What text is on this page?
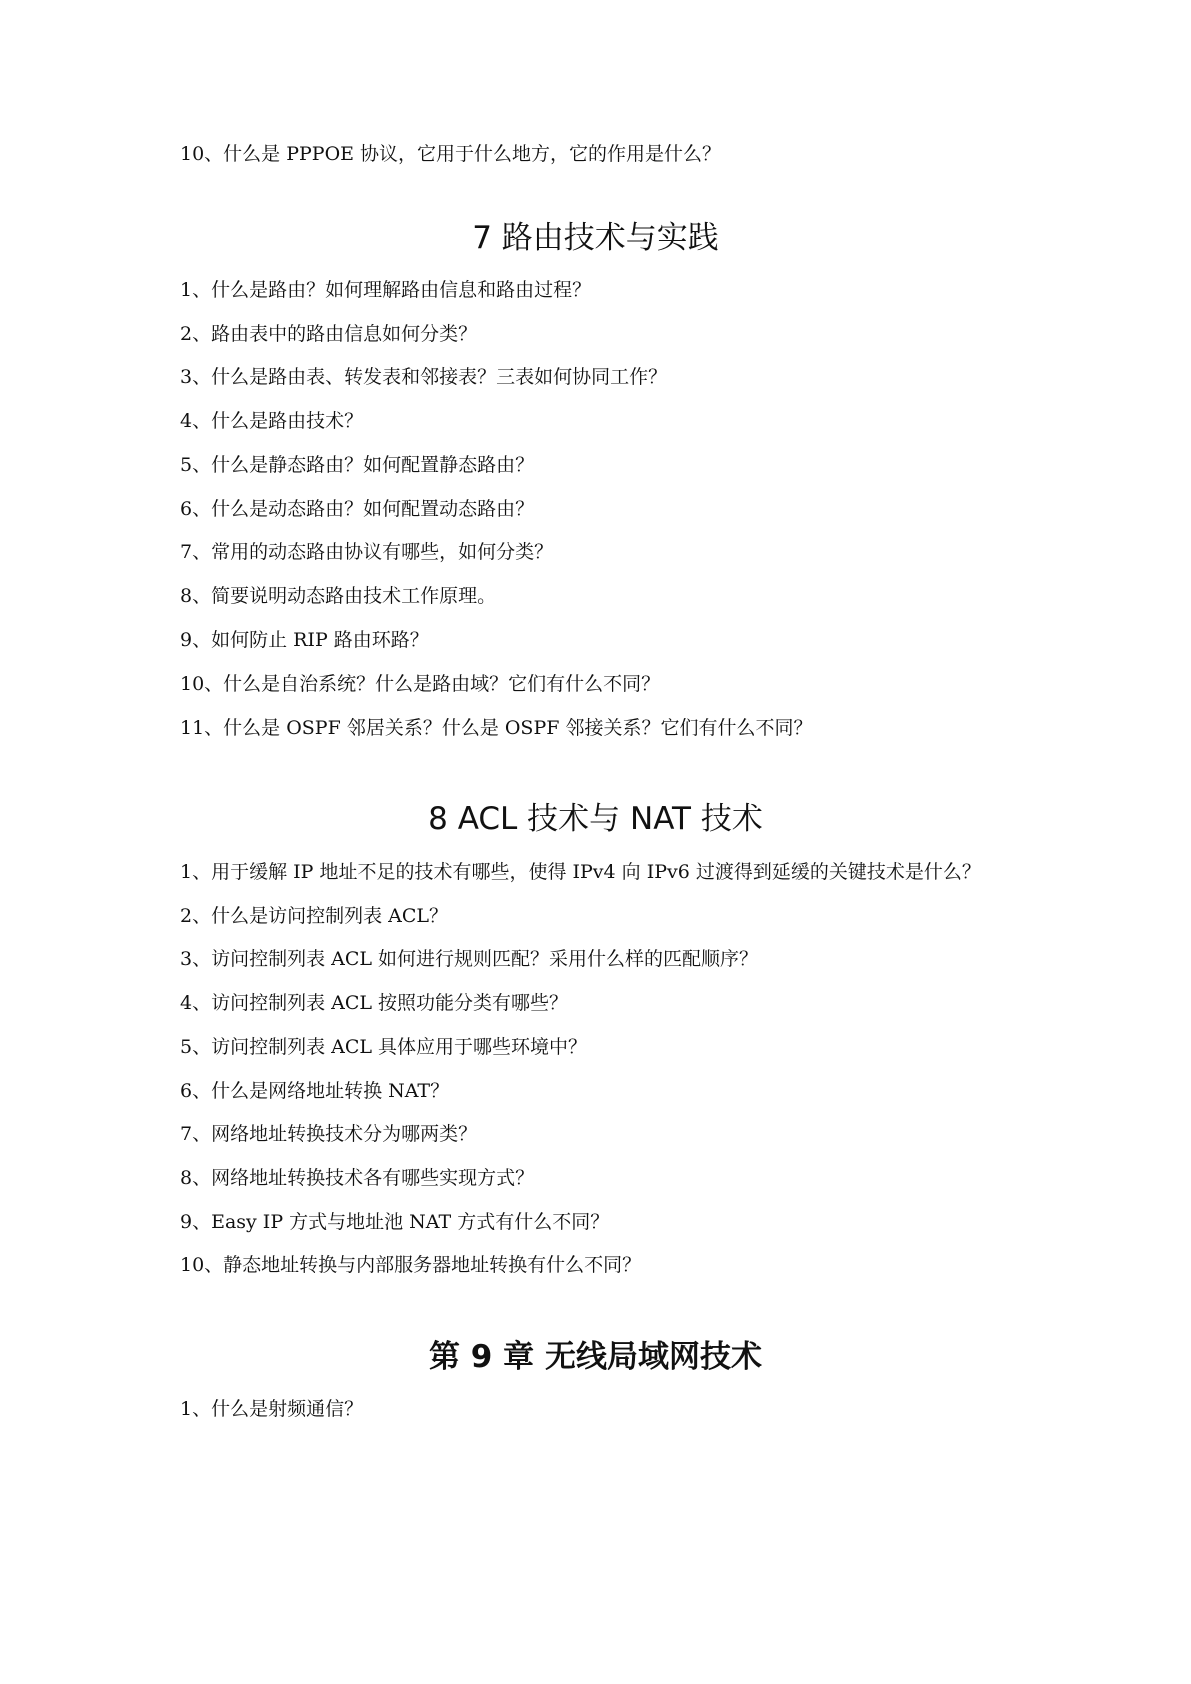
10、什么是 PPPOE 协议，它用于什么地方，它的作用是什么？
7 路由技术与实践
1、什么是路由？如何理解路由信息和路由过程？
2、路由表中的路由信息如何分类？
3、什么是路由表、转发表和邻接表？三表如何协同工作？
4、什么是路由技术？
5、什么是静态路由？如何配置静态路由？
6、什么是动态路由？如何配置动态路由？
7、常用的动态路由协议有哪些，如何分类？
8、简要说明动态路由技术工作原理。
9、如何防止 RIP 路由环路？
10、什么是自治系统？什么是路由域？它们有什么不同？
11、什么是 OSPF 邻居关系？什么是 OSPF 邻接关系？它们有什么不同？
8 ACL 技术与 NAT 技术
1、用于缓解 IP 地址不足的技术有哪些，使得 IPv4 向 IPv6 过渡得到延缓的关键技术是什么？
2、什么是访问控制列表 ACL？
3、访问控制列表 ACL 如何进行规则匹配？采用什么样的匹配顺序？
4、访问控制列表 ACL 按照功能分类有哪些？
5、访问控制列表 ACL 具体应用于哪些环境中？
6、什么是网络地址转换 NAT？
7、网络地址转换技术分为哪两类？
8、网络地址转换技术各有哪些实现方式？
9、Easy IP 方式与地址池 NAT 方式有什么不同？
10、静态地址转换与内部服务器地址转换有什么不同？
第 9 章 无线局域网技术
1、什么是射频通信？
